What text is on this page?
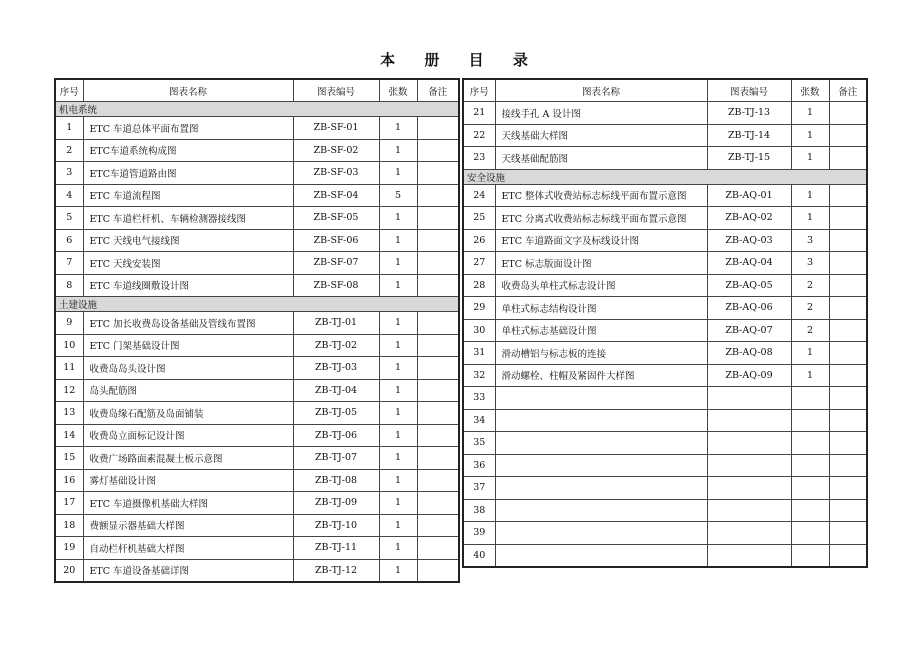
本 册 目 录
序号	图表名称	图表编号	张数	备注
机电系统				
1	ETC 车道总体平面布置图	ZB-SF-01	1	
2	ETC车道系统构成图	ZB-SF-02	1	
3	ETC车道管道路由图	ZB-SF-03	1	
4	ETC 车道流程图	ZB-SF-04	5	
5	ETC 车道栏杆机、车辆检测器接线图	ZB-SF-05	1	
6	ETC 天线电气接线图	ZB-SF-06	1	
7	ETC 天线安装图	ZB-SF-07	1	
8	ETC 车道线圈敷设计图	ZB-SF-08	1	
土建设施				
9	ETC 加长收费岛设备基础及管线布置图	ZB-TJ-01	1	
10	ETC 门架基础设计图	ZB-TJ-02	1	
11	收费岛岛头设计图	ZB-TJ-03	1	
12	岛头配筋图	ZB-TJ-04	1	
13	收费岛缘石配筋及岛面铺装	ZB-TJ-05	1	
14	收费岛立面标记设计图	ZB-TJ-06	1	
15	收费广场路面素混凝土板示意图	ZB-TJ-07	1	
16	雾灯基础设计图	ZB-TJ-08	1	
17	ETC 车道摄像机基础大样图	ZB-TJ-09	1	
18	费额显示器基础大样图	ZB-TJ-10	1	
19	自动栏杆机基础大样图	ZB-TJ-11	1	
20	ETC 车道设备基础详图	ZB-TJ-12	1	
序号	图表名称	图表编号	张数	备注
21	接线手孔 A 设计图	ZB-TJ-13	1	
22	天线基础大样图	ZB-TJ-14	1	
23	天线基础配筋图	ZB-TJ-15	1	
安全设施				
24	ETC 整体式收费站标志标线平面布置示意图	ZB-AQ-01	1	
25	ETC 分离式收费站标志标线平面布置示意图	ZB-AQ-02	1	
26	ETC 车道路面文字及标线设计图	ZB-AQ-03	3	
27	ETC 标志版面设计图	ZB-AQ-04	3	
28	收费岛头单柱式标志设计图	ZB-AQ-05	2	
29	单柱式标志结构设计图	ZB-AQ-06	2	
30	单柱式标志基础设计图	ZB-AQ-07	2	
31	滑动槽铝与标志板的连接	ZB-AQ-08	1	
32	滑动螺栓、柱帽及紧固件大样图	ZB-AQ-09	1	
33				
34				
35				
36				
37				
38				
39				
40				
